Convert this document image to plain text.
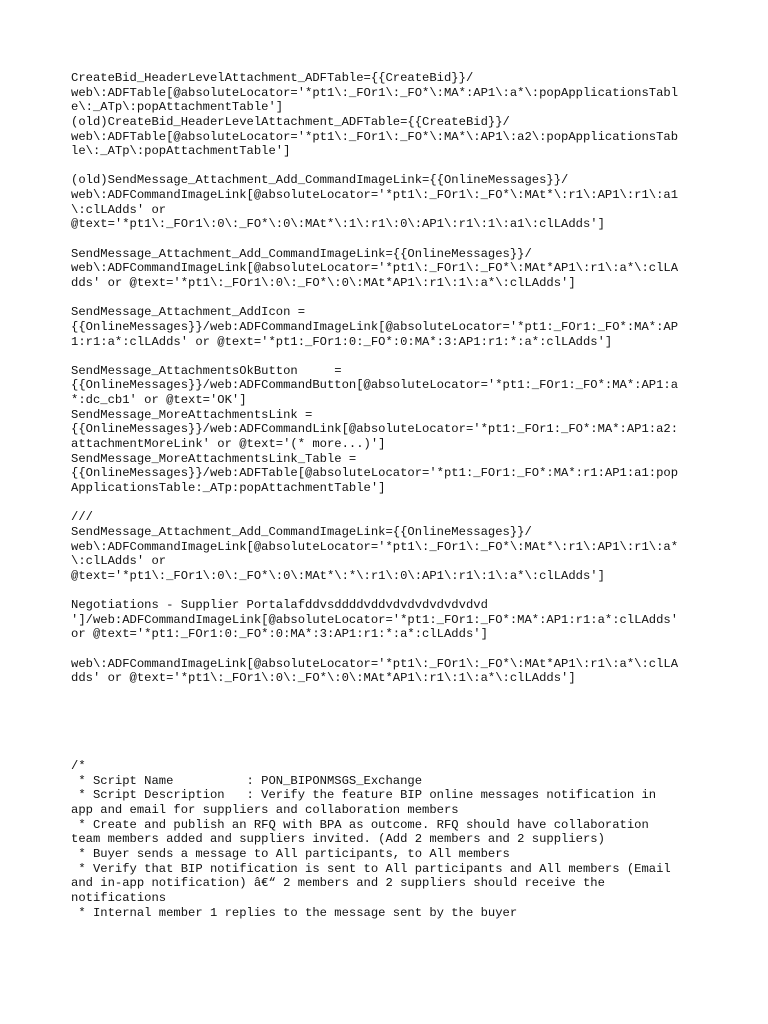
CreateBid_HeaderLevelAttachment_ADFTable={{CreateBid}}/
web\:ADFTable[@absoluteLocator='*pt1\:_FOr1\:_FO*\:MA*:AP1\:a*\:popApplicationsTabl
e\:_ATp\:popAttachmentTable']
(old)CreateBid_HeaderLevelAttachment_ADFTable={{CreateBid}}/
web\:ADFTable[@absoluteLocator='*pt1\:_FOr1\:_FO*\:MA*\:AP1\:a2\:popApplicationsTab
le\:_ATp\:popAttachmentTable']
(old)SendMessage_Attachment_Add_CommandImageLink={{OnlineMessages}}/
web\:ADFCommandImageLink[@absoluteLocator='*pt1\:_FOr1\:_FO*\:MAt*\:r1\:AP1\:r1\:a1
\:clLAdds' or
@text='*pt1\:_FOr1\:0\:_FO*\:0\:MAt*\:1\:r1\:0\:AP1\:r1\:1\:a1\:clLAdds']
SendMessage_Attachment_Add_CommandImageLink={{OnlineMessages}}/
web\:ADFCommandImageLink[@absoluteLocator='*pt1\:_FOr1\:_FO*\:MAt*AP1\:r1\:a*\:clLA
dds' or @text='*pt1\:_FOr1\:0\:_FO*\:0\:MAt*AP1\:r1\:1\:a*\:clLAdds']
SendMessage_Attachment_AddIcon =
{{OnlineMessages}}/web:ADFCommandImageLink[@absoluteLocator='*pt1:_FOr1:_FO*:MA*:AP
1:r1:a*:clLAdds' or @text='*pt1:_FOr1:0:_FO*:0:MA*:3:AP1:r1:*:a*:clLAdds']
SendMessage_AttachmentsOkButton     =
{{OnlineMessages}}/web:ADFCommandButton[@absoluteLocator='*pt1:_FOr1:_FO*:MA*:AP1:a
*:dc_cb1' or @text='OK']
SendMessage_MoreAttachmentsLink =
{{OnlineMessages}}/web:ADFCommandLink[@absoluteLocator='*pt1:_FOr1:_FO*:MA*:AP1:a2:
attachmentMoreLink' or @text='(* more...)']
SendMessage_MoreAttachmentsLink_Table =
{{OnlineMessages}}/web:ADFTable[@absoluteLocator='*pt1:_FOr1:_FO*:MA*:r1:AP1:a1:pop
ApplicationsTable:_ATp:popAttachmentTable']
///
SendMessage_Attachment_Add_CommandImageLink={{OnlineMessages}}/
web\:ADFCommandImageLink[@absoluteLocator='*pt1\:_FOr1\:_FO*\:MAt*\:r1\:AP1\:r1\:a*
\:clLAdds' or
@text='*pt1\:_FOr1\:0\:_FO*\:0\:MAt*\:*\:r1\:0\:AP1\:r1\:1\:a*\:clLAdds']
Negotiations - Supplier Portalafddvsddddvddvdvdvdvdvdvdvd
']/web:ADFCommandImageLink[@absoluteLocator='*pt1:_FOr1:_FO*:MA*:AP1:r1:a*:clLAdds'
or @text='*pt1:_FOr1:0:_FO*:0:MA*:3:AP1:r1:*:a*:clLAdds']
web\:ADFCommandImageLink[@absoluteLocator='*pt1\:_FOr1\:_FO*\:MAt*AP1\:r1\:a*\:clLA
dds' or @text='*pt1\:_FOr1\:0\:_FO*\:0\:MAt*AP1\:r1\:1\:a*\:clLAdds']
/*
* Script Name          : PON_BIPONMSGS_Exchange
* Script Description   : Verify the feature BIP online messages notification in
app and email for suppliers and collaboration members
* Create and publish an RFQ with BPA as outcome. RFQ should have collaboration
team members added and suppliers invited. (Add 2 members and 2 suppliers)
* Buyer sends a message to All participants, to All members
* Verify that BIP notification is sent to All participants and All members (Email
and in-app notification) â€“ 2 members and 2 suppliers should receive the
notifications
* Internal member 1 replies to the message sent by the buyer
